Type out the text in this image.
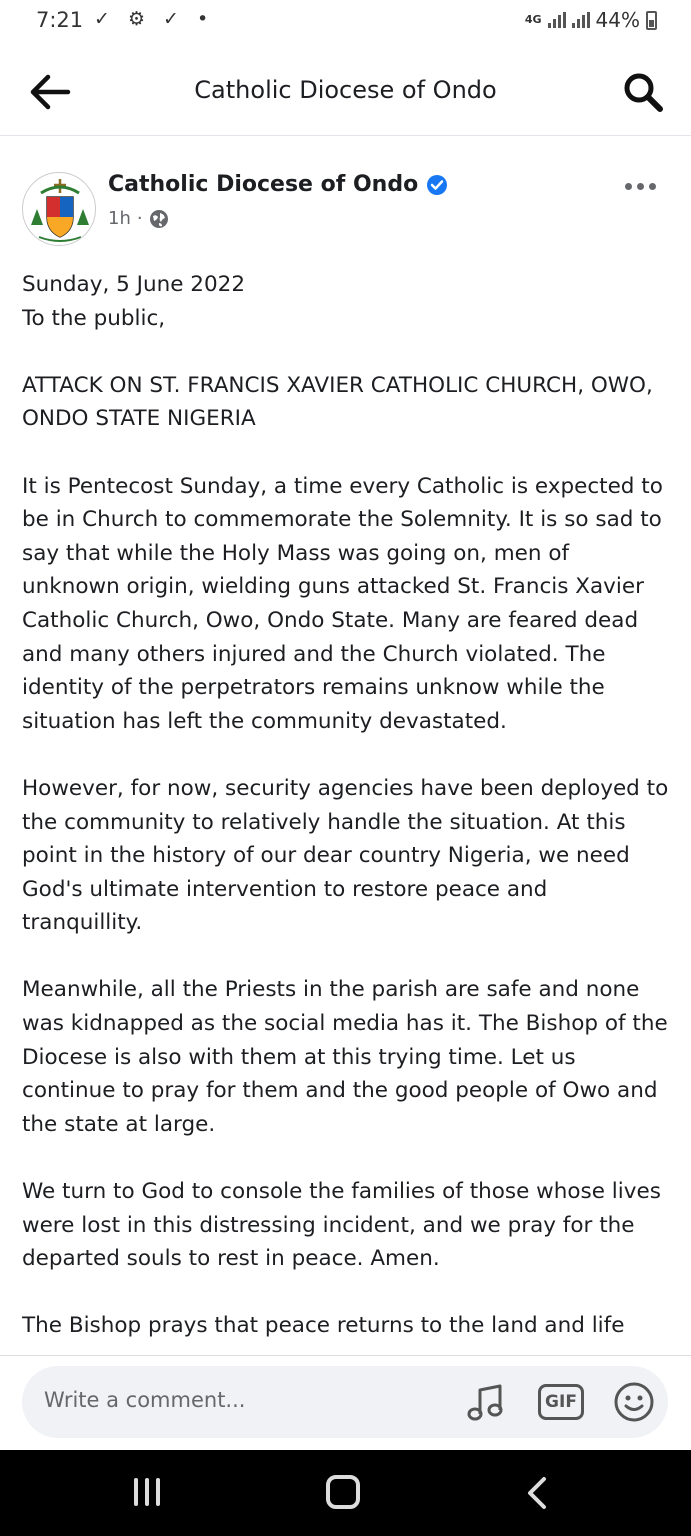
7:21 ✓ ⚙ ✓ •	4G	44%
Catholic Diocese of Ondo
Catholic Diocese of Ondo
1h ·

Sunday, 5 June 2022
To the public,

ATTACK ON ST. FRANCIS XAVIER CATHOLIC CHURCH, OWO, ONDO STATE NIGERIA

It is Pentecost Sunday, a time every Catholic is expected to be in Church to commemorate the Solemnity. It is so sad to say that while the Holy Mass was going on, men of unknown origin, wielding guns attacked St. Francis Xavier Catholic Church, Owo, Ondo State. Many are feared dead and many others injured and the Church violated. The identity of the perpetrators remains unknow while the situation has left the community devastated.

However, for now, security agencies have been deployed to the community to relatively handle the situation. At this point in the history of our dear country Nigeria, we need God's ultimate intervention to restore peace and tranquillity.

Meanwhile, all the Priests in the parish are safe and none was kidnapped as the social media has it. The Bishop of the Diocese is also with them at this trying time. Let us continue to pray for them and the good people of Owo and the state at large.

We turn to God to console the families of those whose lives were lost in this distressing incident, and we pray for the departed souls to rest in peace. Amen.

The Bishop prays that peace returns to the land and life

Write a comment...	GIF
